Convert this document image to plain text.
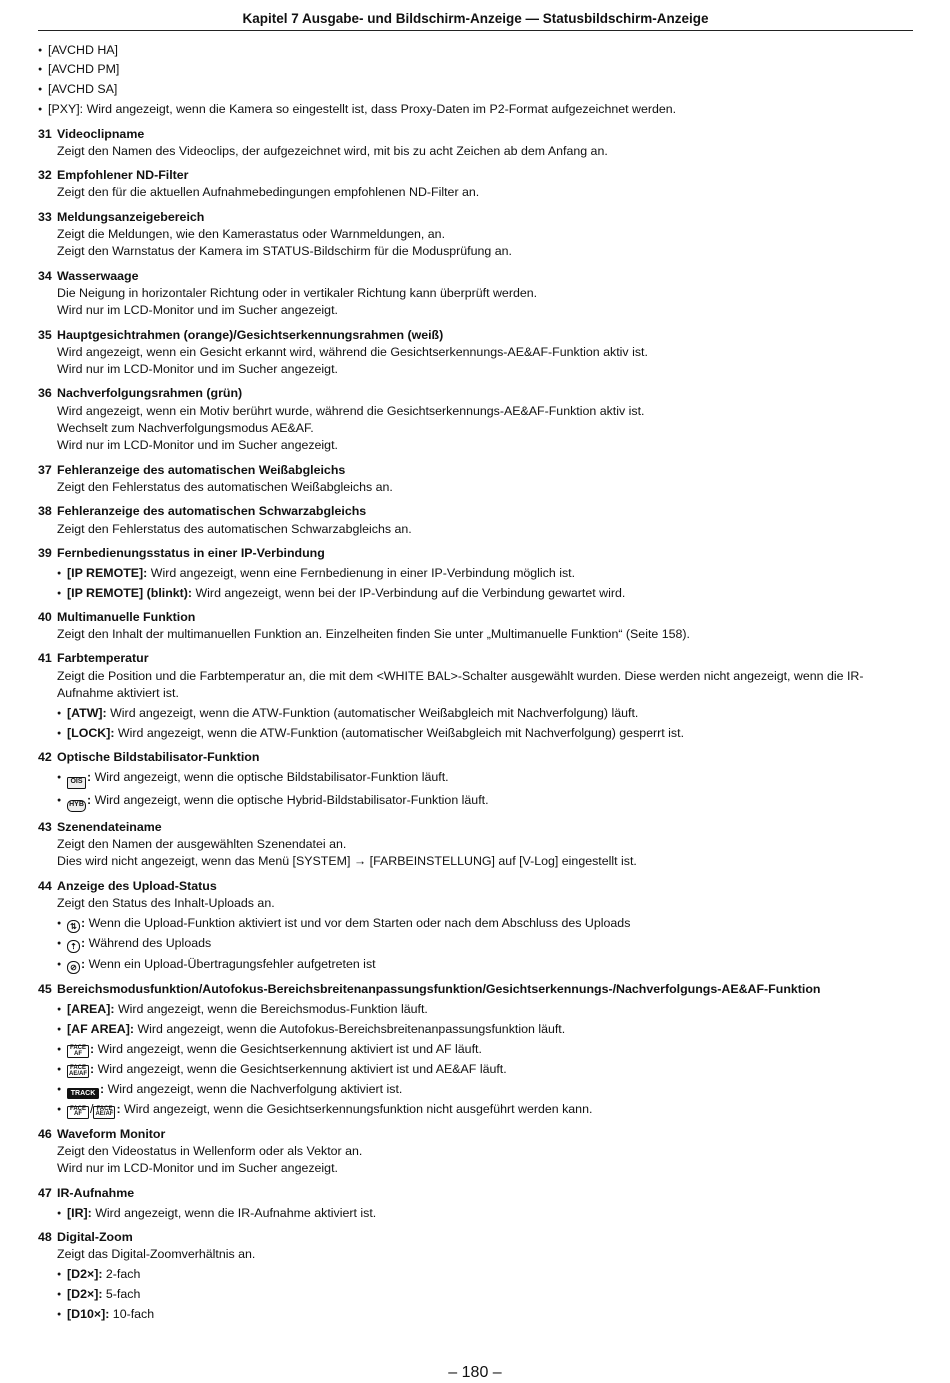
Kapitel 7 Ausgabe- und Bildschirm-Anzeige — Statusbildschirm-Anzeige
● [AVCHD HA]
● [AVCHD PM]
● [AVCHD SA]
● [PXY]: Wird angezeigt, wenn die Kamera so eingestellt ist, dass Proxy-Daten im P2-Format aufgezeichnet werden.
31 Videoclipname
Zeigt den Namen des Videoclips, der aufgezeichnet wird, mit bis zu acht Zeichen ab dem Anfang an.
32 Empfohlener ND-Filter
Zeigt den für die aktuellen Aufnahmebedingungen empfohlenen ND-Filter an.
33 Meldungsanzeigebereich
Zeigt die Meldungen, wie den Kamerastatus oder Warnmeldungen, an.
Zeigt den Warnstatus der Kamera im STATUS-Bildschirm für die Modusprüfung an.
34 Wasserwaage
Die Neigung in horizontaler Richtung oder in vertikaler Richtung kann überprüft werden.
Wird nur im LCD-Monitor und im Sucher angezeigt.
35 Hauptgesichtrahmen (orange)/Gesichtserkennungsrahmen (weiß)
Wird angezeigt, wenn ein Gesicht erkannt wird, während die Gesichtserkennungs-AE&AF-Funktion aktiv ist.
Wird nur im LCD-Monitor und im Sucher angezeigt.
36 Nachverfolgungsrahmen (grün)
Wird angezeigt, wenn ein Motiv berührt wurde, während die Gesichtserkennungs-AE&AF-Funktion aktiv ist.
Wechselt zum Nachverfolgungsmodus AE&AF.
Wird nur im LCD-Monitor und im Sucher angezeigt.
37 Fehleranzeige des automatischen Weißabgleichs
Zeigt den Fehlerstatus des automatischen Weißabgleichs an.
38 Fehleranzeige des automatischen Schwarzabgleichs
Zeigt den Fehlerstatus des automatischen Schwarzabgleichs an.
39 Fernbedienungsstatus in einer IP-Verbindung
● [IP REMOTE]: Wird angezeigt, wenn eine Fernbedienung in einer IP-Verbindung möglich ist.
● [IP REMOTE] (blinkt): Wird angezeigt, wenn bei der IP-Verbindung auf die Verbindung gewartet wird.
40 Multimanuelle Funktion
Zeigt den Inhalt der multimanuellen Funktion an. Einzelheiten finden Sie unter „Multimanuelle Funktion“ (Seite 158).
41 Farbtemperatur
Zeigt die Position und die Farbtemperatur an, die mit dem <WHITE BAL>-Schalter ausgewählt wurden. Diese werden nicht angezeigt, wenn die IR-Aufnahme aktiviert ist.
● [ATW]: Wird angezeigt, wenn die ATW-Funktion (automatischer Weißabgleich mit Nachverfolgung) läuft.
● [LOCK]: Wird angezeigt, wenn die ATW-Funktion (automatischer Weißabgleich mit Nachverfolgung) gesperrt ist.
42 Optische Bildstabilisator-Funktion
●
OIS : Wird angezeigt, wenn die optische Bildstabilisator-Funktion läuft.
●
HYB : Wird angezeigt, wenn die optische Hybrid-Bildstabilisator-Funktion läuft.
43 Szenendateiname
Zeigt den Namen der ausgewählten Szenendatei an.
Dies wird nicht angezeigt, wenn das Menü [SYSTEM] → [FARBEINSTELLUNG] auf [V-Log] eingestellt ist.
44 Anzeige des Upload-Status
Zeigt den Status des Inhalt-Uploads an.
●	⇅ : Wenn die Upload-Funktion aktiviert ist und vor dem Starten oder nach dem Abschluss des Uploads
●	⇡ : Während des Uploads
●	⊘ : Wenn ein Upload-Übertragungsfehler aufgetreten ist
45 Bereichsmodusfunktion/Autofokus-Bereichsbreitenanpassungsfunktion/Gesichtserkennungs-/Nachverfolgungs-AE&AF-Funktion
● [AREA]: Wird angezeigt, wenn die Bereichsmodus-Funktion läuft.
● [AF AREA]: Wird angezeigt, wenn die Autofokus-Bereichsbreitenanpassungsfunktion läuft.
●	FACE AF : Wird angezeigt, wenn die Gesichtserkennung aktiviert ist und AF läuft.
●	FACE AE/AF : Wird angezeigt, wenn die Gesichtserkennung aktiviert ist und AE&AF läuft.
●
TRACK : Wird angezeigt, wenn die Nachverfolgung aktiviert ist.
●	FACE AF / FACE AE/AF : Wird angezeigt, wenn die Gesichtserkennungsfunktion nicht ausgeführt werden kann.
46 Waveform Monitor
Zeigt den Videostatus in Wellenform oder als Vektor an.
Wird nur im LCD-Monitor und im Sucher angezeigt.
47 IR-Aufnahme
● [IR]: Wird angezeigt, wenn die IR-Aufnahme aktiviert ist.
48 Digital-Zoom
Zeigt das Digital-Zoomverhältnis an.
● [D2×]: 2-fach
● [D2×]: 5-fach
● [D10×]: 10-fach
– 180 –
